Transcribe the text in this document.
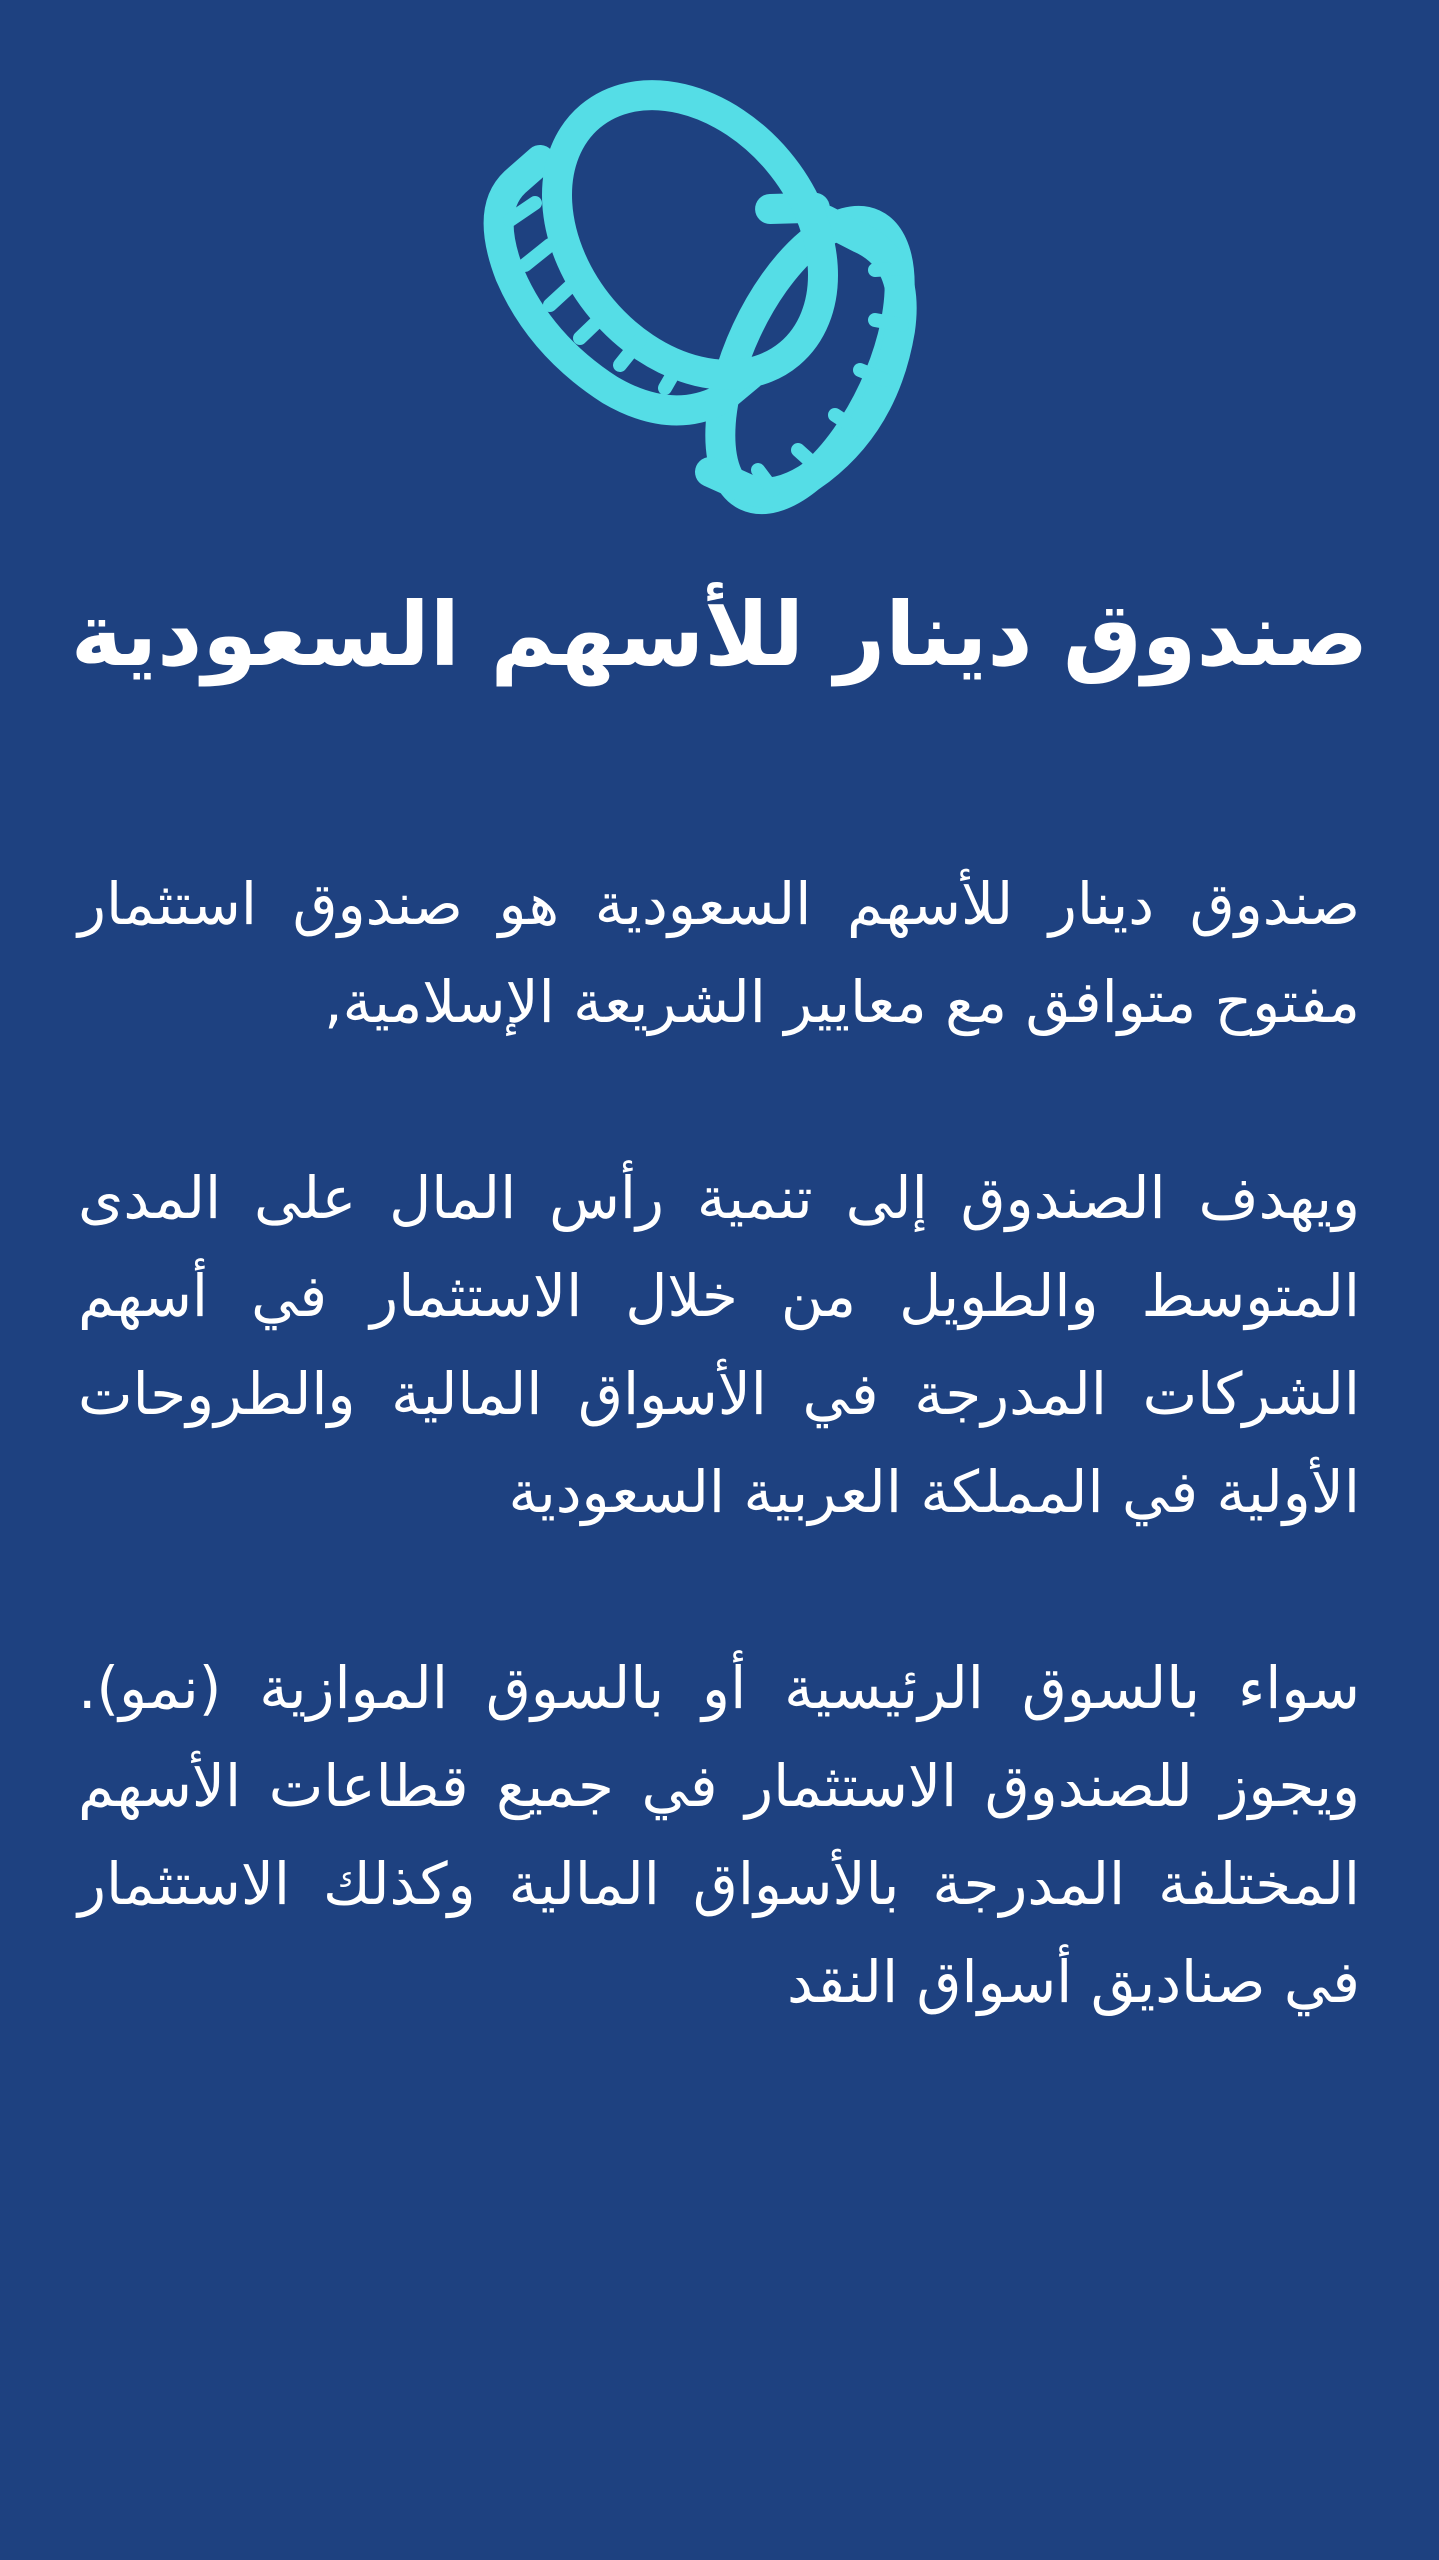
صندوق دينار للأسهم السعودية

صندوق دينار للأسهم السعودية هو صندوق استثمار مفتوح متوافق مع معايير الشريعة الإسلامية,

ويهدف الصندوق إلى تنمية رأس المال على المدى المتوسط والطويل من خلال الاستثمار في أسهم الشركات المدرجة في الأسواق المالية والطروحات الأولية في المملكة العربية السعودية

سواء بالسوق الرئيسية أو بالسوق الموازية (نمو). ويجوز للصندوق الاستثمار في جميع قطاعات الأسهم المختلفة المدرجة بالأسواق المالية وكذلك الاستثمار في صناديق أسواق النقد
